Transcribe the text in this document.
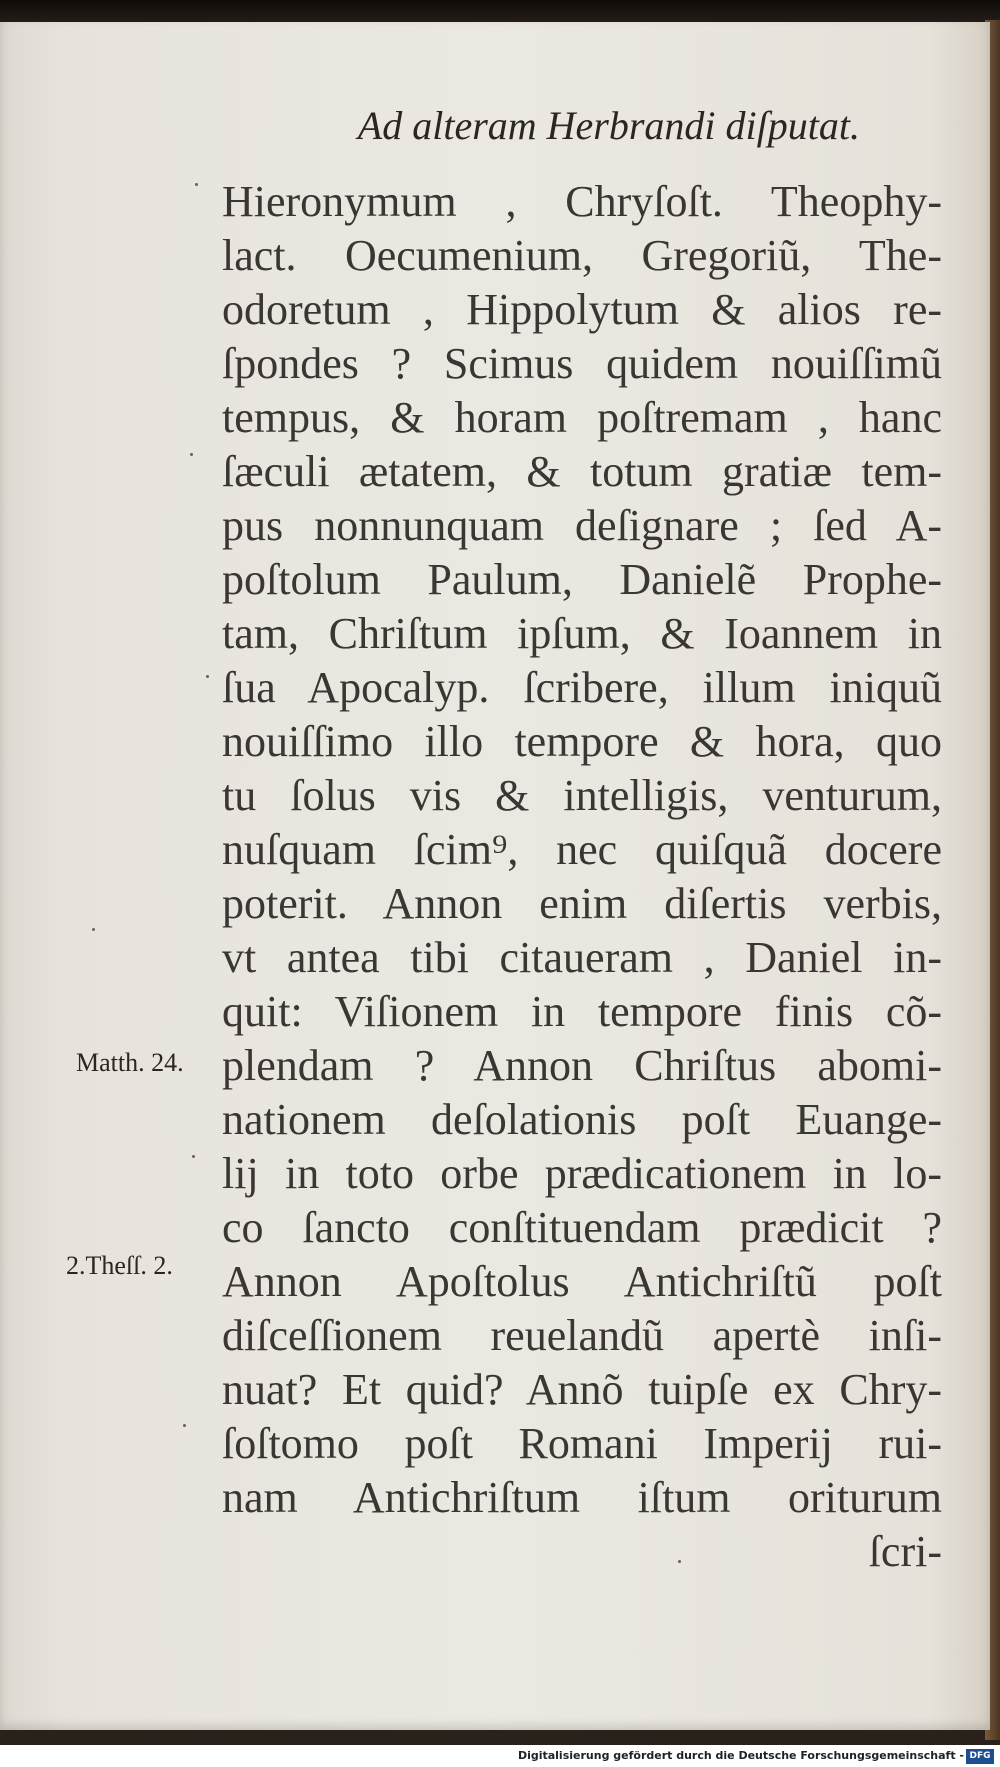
Ad alteram Herbrandi diſputat.
Hieronymum , Chryſoſt. Theophy-
lact. Oecumenium, Gregoriũ, The-
odoretum , Hippolytum & alios re-
ſpondes ? Scimus quidem nouiſſimũ
tempus, & horam poſtremam , hanc
ſæculi ætatem, & totum gratiæ tem-
pus nonnunquam deſignare ; ſed A-
poſtolum Paulum, Danielẽ Prophe-
tam, Chriſtum ipſum, & Ioannem in
ſua Apocalyp. ſcribere, illum iniquũ
nouiſſimo illo tempore & hora, quo
tu ſolus vis & intelligis, venturum,
nuſquam ſcim⁹, nec quiſquã docere
poterit. Annon enim diſertis verbis,
vt antea tibi citaueram , Daniel in-
quit: Viſionem in tempore finis cõ-
plendam ? Annon Chriſtus abomi-
nationem deſolationis poſt Euange-
lij in toto orbe prædicationem in lo-
co ſancto conſtituendam prædicit ?
Annon Apoſtolus Antichriſtũ poſt
diſceſſionem reuelandũ apertè inſi-
nuat? Et quid? Annõ tuipſe ex Chry-
ſoſtomo poſt Romani Imperij rui-
nam Antichriſtum iſtum oriturum
ſcri-
Matth. 24.
2.Theſſ. 2.
Digitalisierung gefördert durch die Deutsche Forschungsgemeinschaft - DFG
